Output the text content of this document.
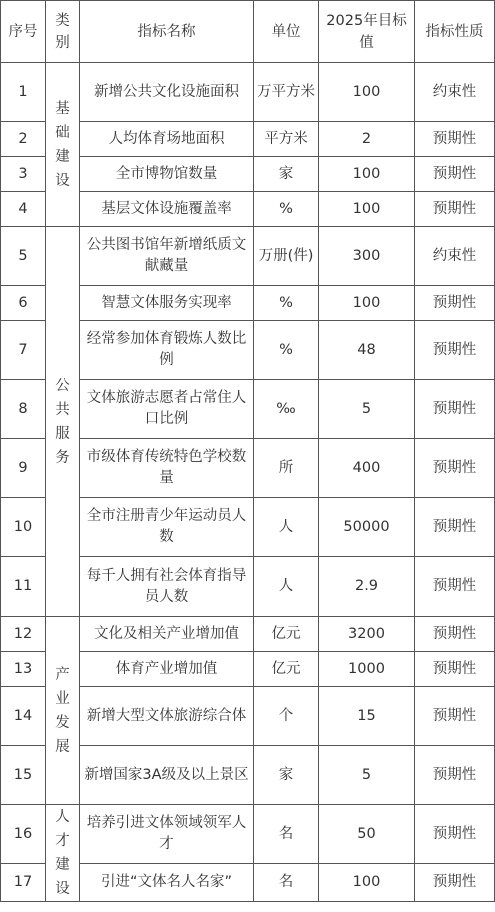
序号	类别	指标名称	单位	2025年目标值	指标性质
1	基础建设	新增公共文化设施面积	万平方米	100	约束性
2		人均体育场地面积	平方米	2	预期性
3		全市博物馆数量	家	100	预期性
4		基层文体设施覆盖率	%	100	预期性
5	公共服务	公共图书馆年新增纸质文献藏量	万册(件)	300	约束性
6		智慧文体服务实现率	%	100	预期性
7		经常参加体育锻炼人数比例	%	48	预期性
8		文体旅游志愿者占常住人口比例	‰	5	预期性
9		市级体育传统特色学校数量	所	400	预期性
10		全市注册青少年运动员人数	人	50000	预期性
11		每千人拥有社会体育指导员人数	人	2.9	预期性
12	产业发展	文化及相关产业增加值	亿元	3200	预期性
13		体育产业增加值	亿元	1000	预期性
14		新增大型文体旅游综合体	个	15	预期性
15		新增国家3A级及以上景区	家	5	预期性
16	人才建设	培养引进文体领域领军人才	名	50	预期性
17		引进“文体名人名家”	名	100	预期性
